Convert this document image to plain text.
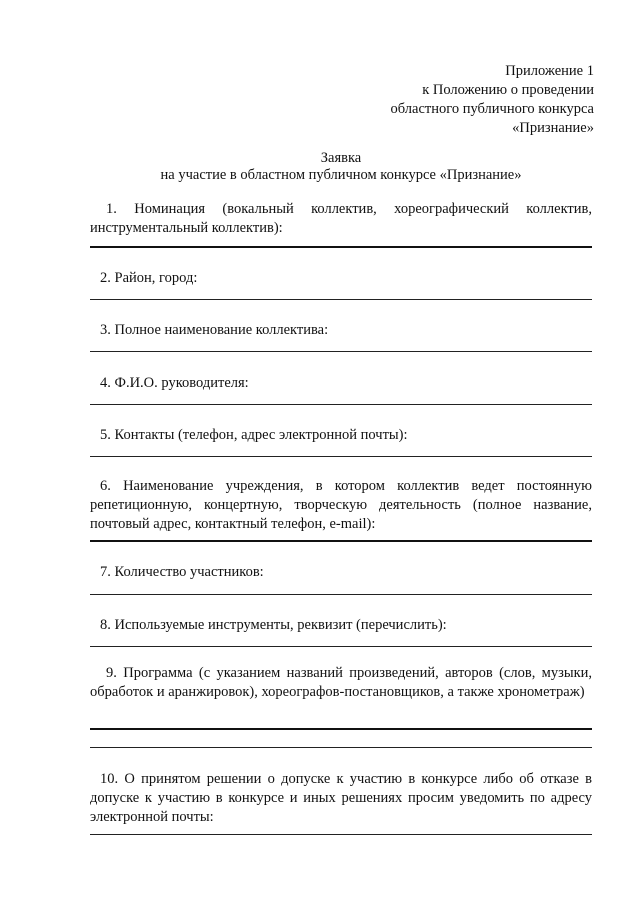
Приложение 1
к Положению о проведении
областного публичного конкурса
«Признание»
Заявка
на участие в областном публичном конкурсе «Признание»
1. Номинация (вокальный коллектив, хореографический коллектив, инструментальный коллектив):
2. Район, город:
3. Полное наименование коллектива:
4. Ф.И.О. руководителя:
5. Контакты (телефон, адрес электронной почты):
6. Наименование учреждения, в котором коллектив ведет постоянную репетиционную, концертную, творческую деятельность (полное название, почтовый адрес, контактный телефон, e-mail):
7. Количество участников:
8. Используемые инструменты, реквизит (перечислить):
9. Программа (с указанием названий произведений, авторов (слов, музыки, обработок и аранжировок), хореографов-постановщиков, а также хронометраж)
10. О принятом решении о допуске к участию в конкурсе либо об отказе в допуске к участию в конкурсе и иных решениях просим уведомить по адресу электронной почты:
